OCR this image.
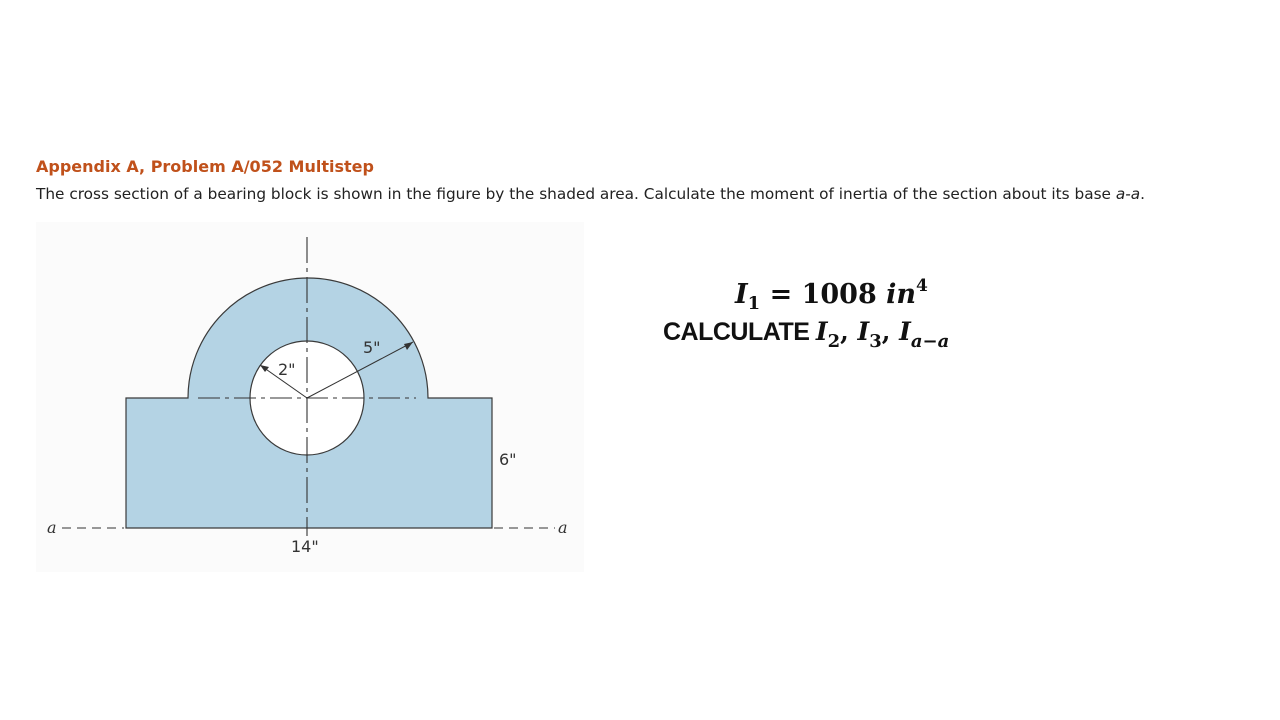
Appendix A, Problem A/052 Multistep
The cross section of a bearing block is shown in the figure by the shaded area. Calculate the moment of inertia of the section about its base a-a.
2"
5"
6"
14"
a	a
$I_1 = 1008$ $in^4$
CALCULATE $I_2$, $I_3$, $I_{a-a}$
